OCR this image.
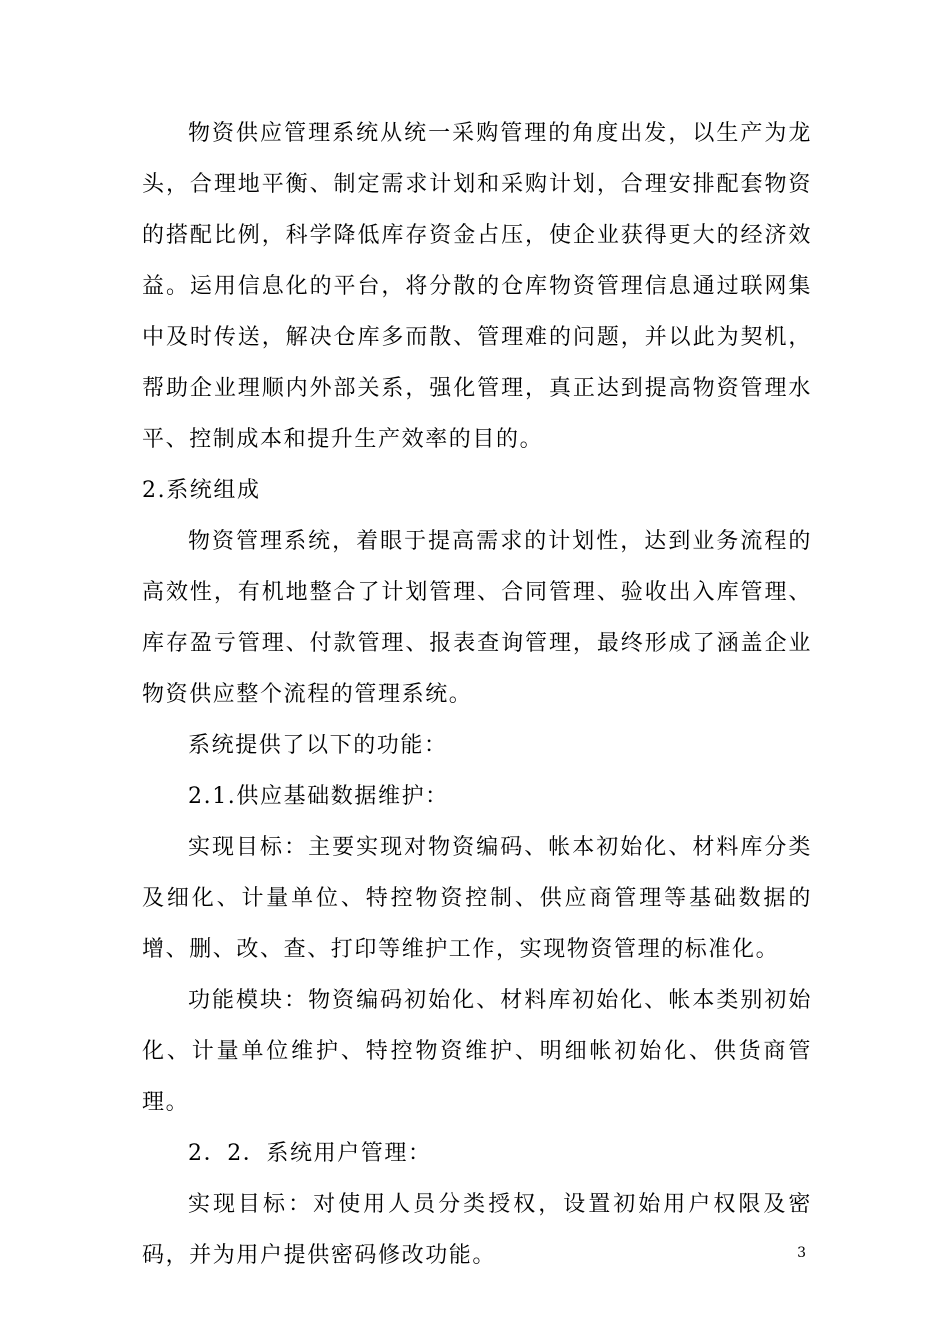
物资供应管理系统从统一采购管理的角度出发，以生产为龙头，合理地平衡、制定需求计划和采购计划，合理安排配套物资的搭配比例，科学降低库存资金占压，使企业获得更大的经济效益。运用信息化的平台，将分散的仓库物资管理信息通过联网集中及时传送，解决仓库多而散、管理难的问题，并以此为契机，帮助企业理顺内外部关系，强化管理，真正达到提高物资管理水平、控制成本和提升生产效率的目的。

2.系统组成

物资管理系统，着眼于提高需求的计划性，达到业务流程的高效性，有机地整合了计划管理、合同管理、验收出入库管理、库存盈亏管理、付款管理、报表查询管理，最终形成了涵盖企业物资供应整个流程的管理系统。

系统提供了以下的功能：

2.1.供应基础数据维护：

实现目标：主要实现对物资编码、帐本初始化、材料库分类及细化、计量单位、特控物资控制、供应商管理等基础数据的增、删、改、查、打印等维护工作，实现物资管理的标准化。

功能模块：物资编码初始化、材料库初始化、帐本类别初始化、计量单位维护、特控物资维护、明细帐初始化、供货商管理。

2．2．系统用户管理：

实现目标：对使用人员分类授权，设置初始用户权限及密码，并为用户提供密码修改功能。	3
